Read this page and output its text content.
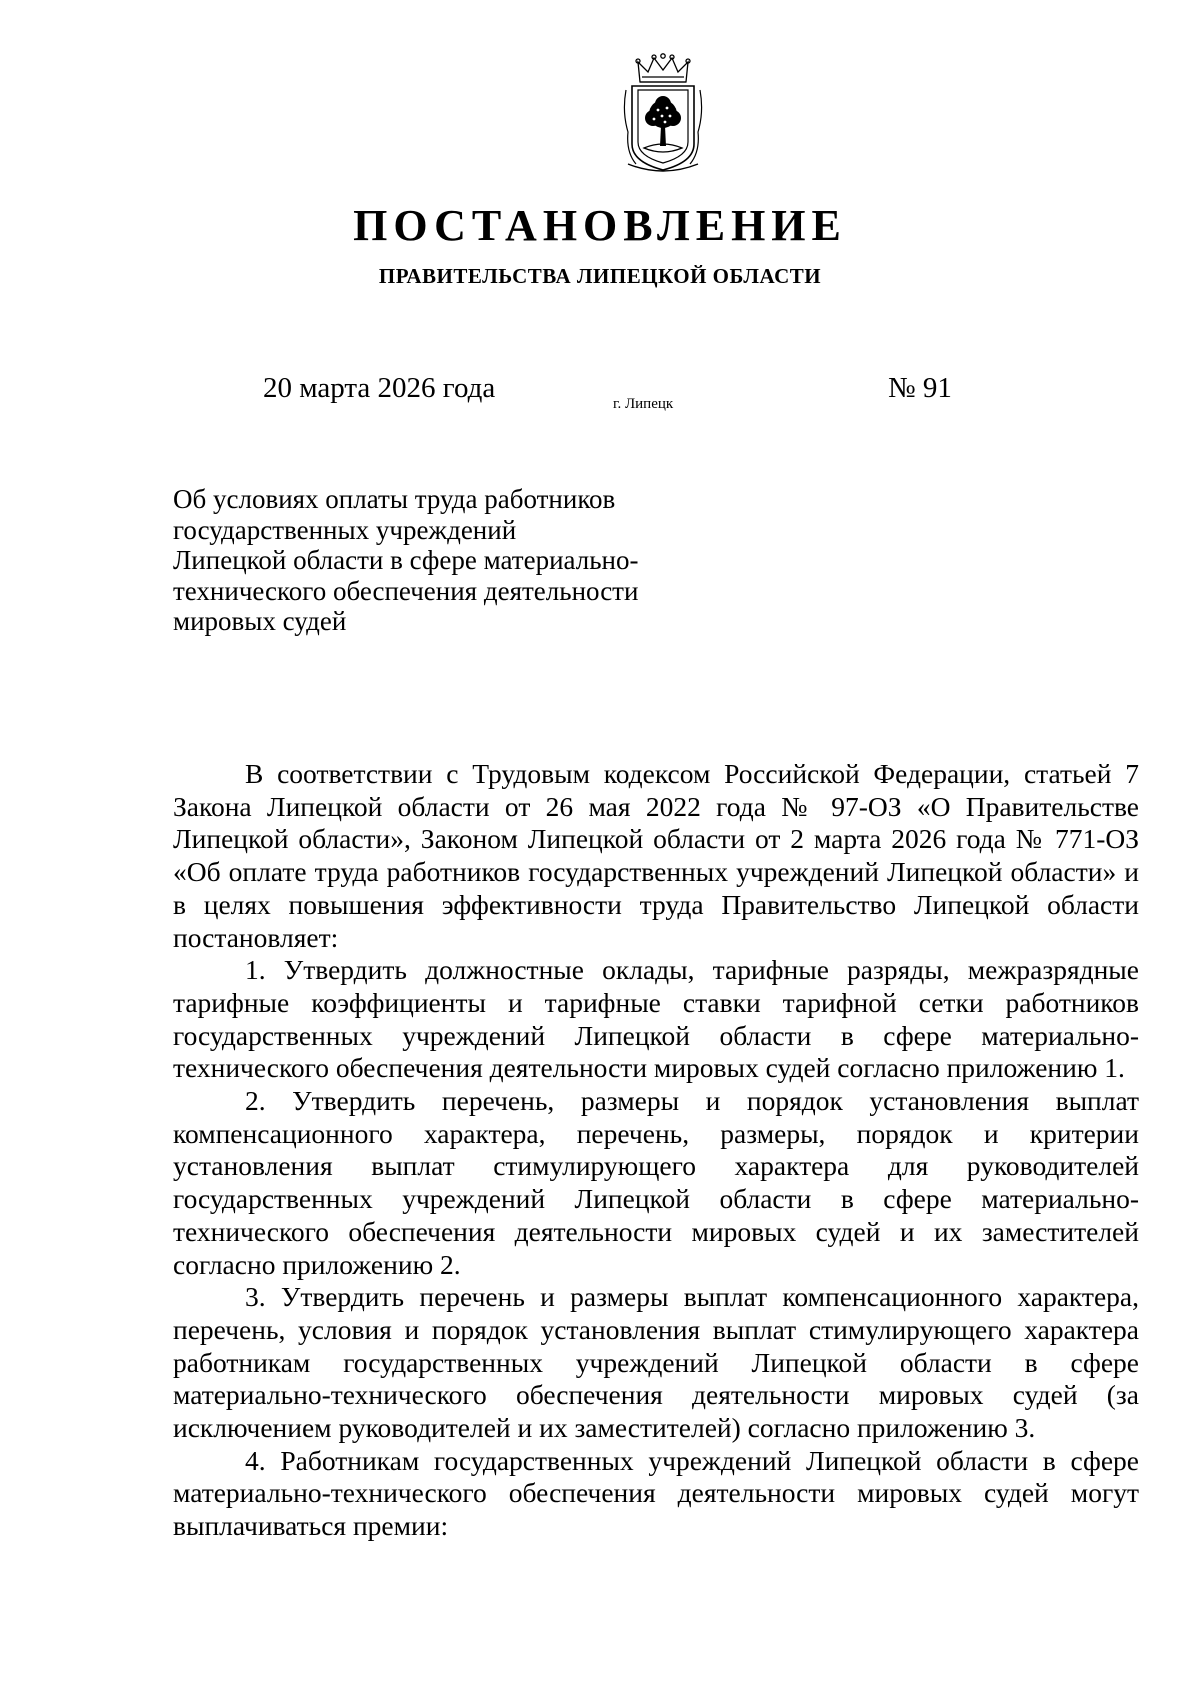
ПОСТАНОВЛЕНИЕ
ПРАВИТЕЛЬСТВА ЛИПЕЦКОЙ ОБЛАСТИ
20 марта 2026 года	г. Липецк	№ 91
Об условиях оплаты труда работников
государственных учреждений
Липецкой области в сфере материально-
технического обеспечения деятельности
мировых судей

В соответствии с Трудовым кодексом Российской Федерации, статьей 7 Закона Липецкой области от 26 мая 2022 года № 97-ОЗ «О Правительстве Липецкой области», Законом Липецкой области от 2 марта 2026 года № 771-ОЗ «Об оплате труда работников государственных учреждений Липецкой области» и в целях повышения эффективности труда Правительство Липецкой области постановляет:

1. Утвердить должностные оклады, тарифные разряды, межразрядные тарифные коэффициенты и тарифные ставки тарифной сетки работников государственных учреждений Липецкой области в сфере материально-технического обеспечения деятельности мировых судей согласно приложению 1.

2. Утвердить перечень, размеры и порядок установления выплат компенсационного характера, перечень, размеры, порядок и критерии установления выплат стимулирующего характера для руководителей государственных учреждений Липецкой области в сфере материально-технического обеспечения деятельности мировых судей и их заместителей согласно приложению 2.

3. Утвердить перечень и размеры выплат компенсационного характера, перечень, условия и порядок установления выплат стимулирующего характера работникам государственных учреждений Липецкой области в сфере материально-технического обеспечения деятельности мировых судей (за исключением руководителей и их заместителей) согласно приложению 3.

4. Работникам государственных учреждений Липецкой области в сфере материально-технического обеспечения деятельности мировых судей могут выплачиваться премии:
